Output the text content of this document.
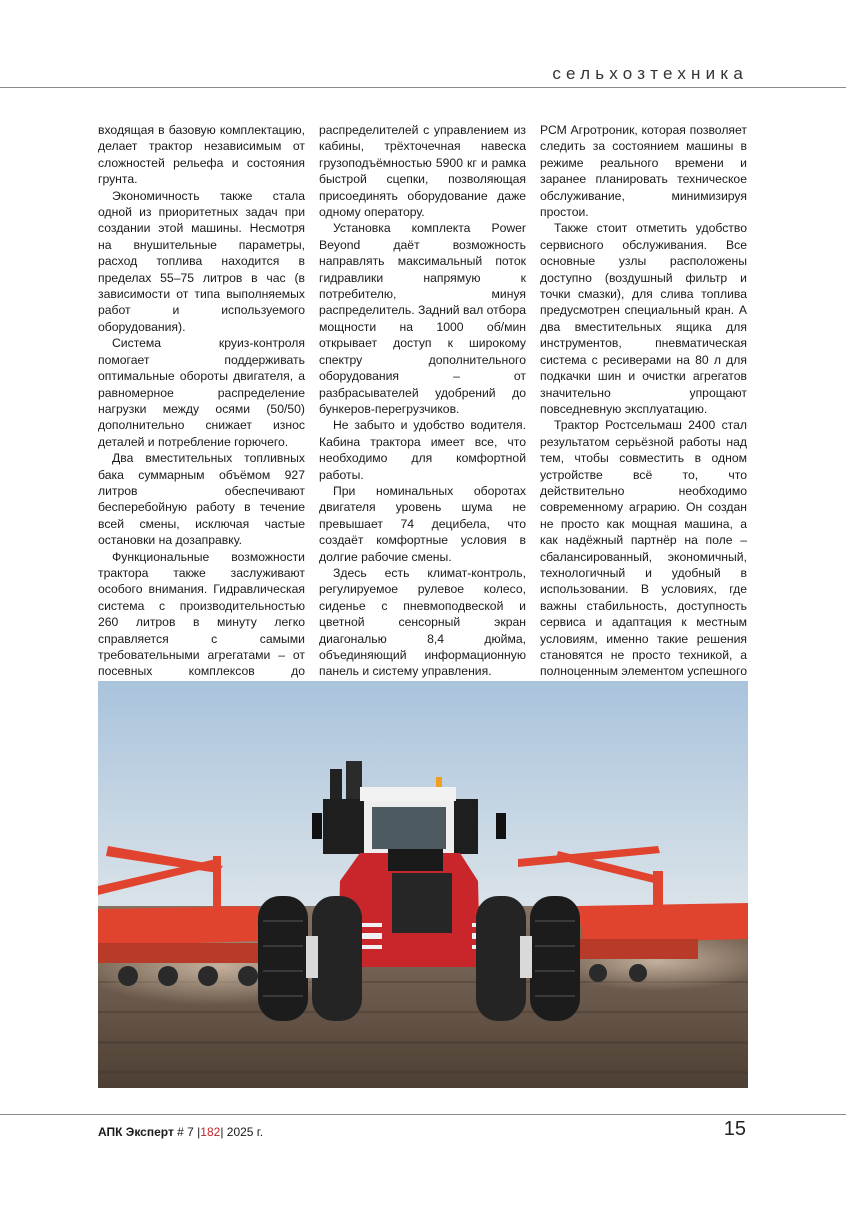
сельхозтехника

входящая в базовую комплектацию, делает трактор независимым от сложностей рельефа и состояния грунта.

Экономичность также стала одной из приоритетных задач при создании этой машины. Несмотря на внушительные параметры, расход топлива находится в пределах 55–75 литров в час (в зависимости от типа выполняемых работ и используемого оборудования).

Система круиз-контроля помогает поддерживать оптимальные обороты двигателя, а равномерное распределение нагрузки между осями (50/50) дополнительно снижает износ деталей и потребление горючего.

Два вместительных топливных бака суммарным объёмом 927 литров обеспечивают бесперебойную работу в течение всей смены, исключая частые остановки на дозаправку.

Функциональные возможности трактора также заслуживают особого внимания. Гидравлическая система с производительностью 260 литров в минуту легко справляется с самыми требовательными агрегатами – от посевных комплексов до

распределителей с управлением из кабины, трёхточечная навеска грузоподъёмностью 5900 кг и рамка быстрой сцепки, позволяющая присоединять оборудование даже одному оператору.

Установка комплекта Power Beyond даёт возможность направлять максимальный поток гидравлики напрямую к потребителю, минуя распределитель. Задний вал отбора мощности на 1000 об/мин открывает доступ к широкому спектру дополнительного оборудования – от разбрасывателей удобрений до бункеров-перегрузчиков.

Не забыто и удобство водителя. Кабина трактора имеет все, что необходимо для комфортной работы.

При номинальных оборотах двигателя уровень шума не превышает 74 децибела, что создаёт комфортные условия в долгие рабочие смены.

Здесь есть климат-контроль, регулируемое рулевое колесо, сиденье с пневмоподвеской и цветной сенсорный экран диагональю 8,4 дюйма, объединяющий информационную панель и систему управления.

РСМ Агротроник, которая позволяет следить за состоянием машины в режиме реального времени и заранее планировать техническое обслуживание, минимизируя простои.

Также стоит отметить удобство сервисного обслуживания. Все основные узлы расположены доступно (воздушный фильтр и точки смазки), для слива топлива предусмотрен специальный кран. А два вместительных ящика для инструментов, пневматическая система с ресиверами на 80 л для подкачки шин и очистки агрегатов значительно упрощают повседневную эксплуатацию.

Трактор Ростсельмаш 2400 стал результатом серьёзной работы над тем, чтобы совместить в одном устройстве всё то, что действительно необходимо современному аграрию. Он создан не просто как мощная машина, а как надёжный партнёр на поле – сбалансированный, экономичный, технологичный и удобный в использовании. В условиях, где важны стабильность, доступность сервиса и адаптация к местным условиям, именно такие решения становятся не просто техникой, а полноценным элементом успешного

АПК Эксперт # 7 |182| 2025 г.	15
